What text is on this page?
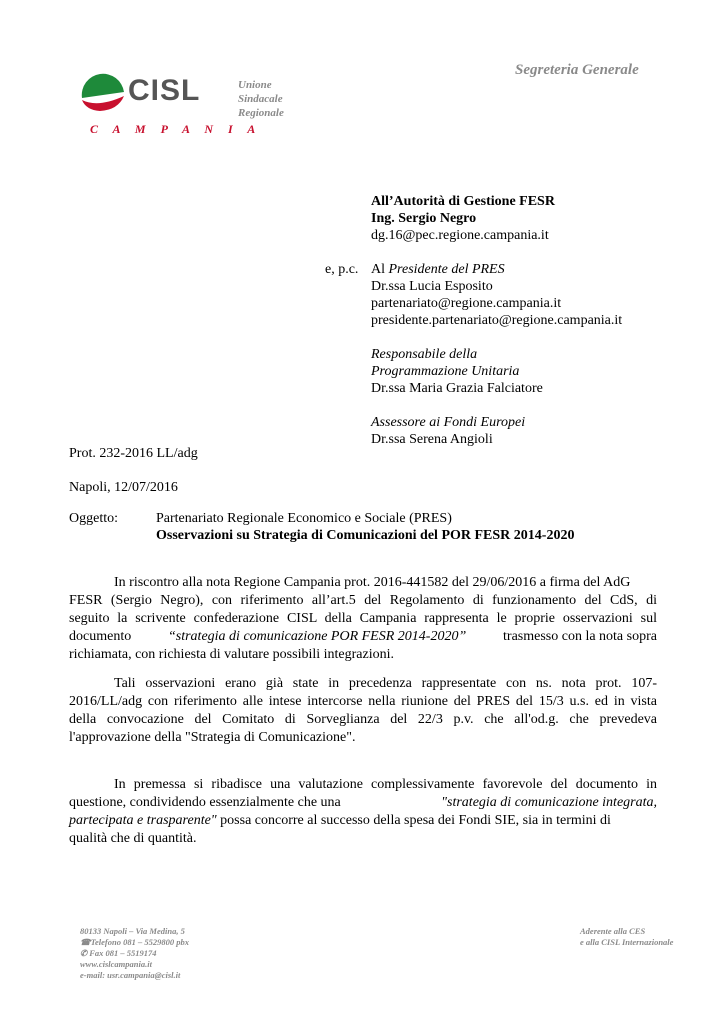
CISL
C A M P A N I A
Unione
Sindacale
Regionale
Segreteria Generale
All’Autorità di Gestione FESR
Ing. Sergio Negro
dg.16@pec.regione.campania.it
e, p.c. Al Presidente del PRES
Dr.ssa Lucia Esposito
partenariato@regione.campania.it
presidente.partenariato@regione.campania.it
Responsabile della
Programmazione Unitaria
Dr.ssa Maria Grazia Falciatore
Assessore ai Fondi Europei
Dr.ssa Serena Angioli
Prot. 232-2016 LL/adg
Napoli, 12/07/2016
Oggetto:	Partenariato Regionale Economico e Sociale (PRES)
Osservazioni su Strategia di Comunicazioni del POR FESR 2014-2020
In riscontro alla nota Regione Campania prot. 2016-441582 del 29/06/2016 a firma del AdG
FESR (Sergio Negro), con riferimento all’art.5 del Regolamento di funzionamento del CdS, di
seguito la scrivente confederazione CISL della Campania rappresenta le proprie osservazioni sul
documento	“strategia di comunicazione POR FESR 2014-2020”	trasmesso con la nota sopra
richiamata, con richiesta di valutare possibili integrazioni.
Tali osservazioni erano già state in precedenza rappresentate con ns. nota prot. 107-
2016/LL/adg con riferimento alle intese intercorse nella riunione del PRES del 15/3 u.s. ed in vista
della convocazione del Comitato di Sorveglianza del 22/3 p.v. che all'od.g. che prevedeva
l'approvazione della "Strategia di Comunicazione".
In premessa si ribadisce una valutazione complessivamente favorevole del documento in
questione, condividendo essenzialmente che una	"strategia di comunicazione integrata,
partecipata e trasparente" possa concorre al successo della spesa dei Fondi SIE, sia in termini di
qualità che di quantità.
80133 Napoli – Via Medina, 5
☎Telefono 081 – 5529800 pbx
✆ Fax 081 – 5519174
www.cislcampania.it
e-mail: usr.campania@cisl.it
Aderente alla CES
e alla CISL Internazionale
